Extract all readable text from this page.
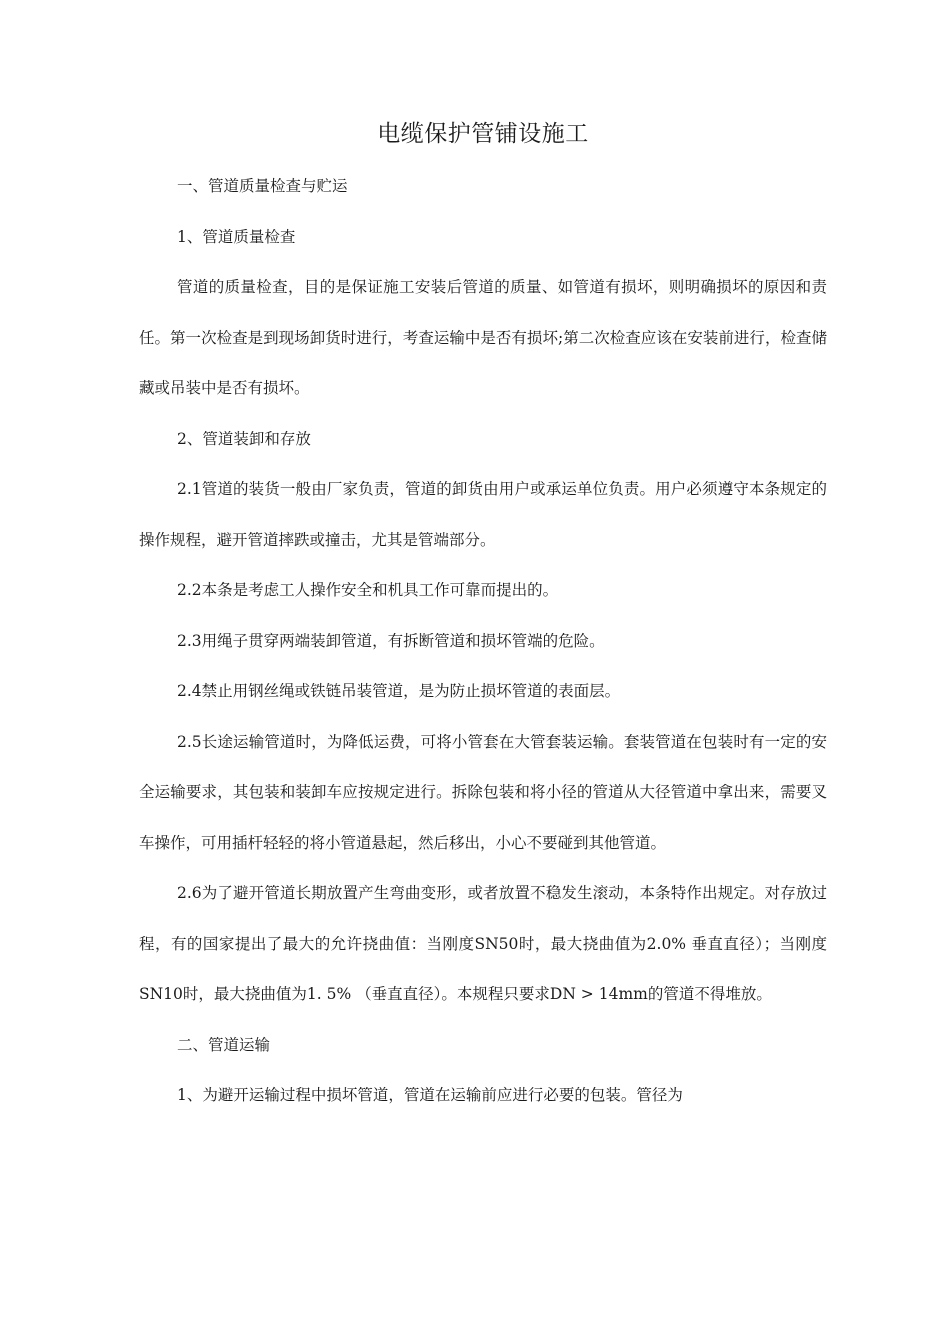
电缆保护管铺设施工

一、管道质量检查与贮运

1、管道质量检查

管道的质量检查，目的是保证施工安装后管道的质量、如管道有损坏，则明确损坏的原因和责任。第一次检查是到现场卸货时进行，考查运输中是否有损坏;第二次检查应该在安装前进行，检查储藏或吊装中是否有损坏。

2、管道装卸和存放

2.1管道的装货一般由厂家负责，管道的卸货由用户或承运单位负责。用户必须遵守本条规定的操作规程，避开管道摔跌或撞击，尤其是管端部分。

2.2本条是考虑工人操作安全和机具工作可靠而提出的。

2.3用绳子贯穿两端装卸管道，有拆断管道和损坏管端的危险。

2.4禁止用钢丝绳或铁链吊装管道，是为防止损坏管道的表面层。

2.5长途运输管道时，为降低运费，可将小管套在大管套装运输。套装管道在包装时有一定的安全运输要求，其包装和装卸车应按规定进行。拆除包装和将小径的管道从大径管道中拿出来，需要叉车操作，可用插杆轻轻的将小管道悬起，然后移出，小心不要碰到其他管道。

2.6为了避开管道长期放置产生弯曲变形，或者放置不稳发生滚动，本条特作出规定。对存放过程，有的国家提出了最大的允许挠曲值：当刚度SN50时，最大挠曲值为2.0% 垂直直径）；当刚度SN10时，最大挠曲值为1. 5% （垂直直径）。本规程只要求DN > 14mm的管道不得堆放。

二、管道运输

1、为避开运输过程中损坏管道，管道在运输前应进行必要的包装。管径为
